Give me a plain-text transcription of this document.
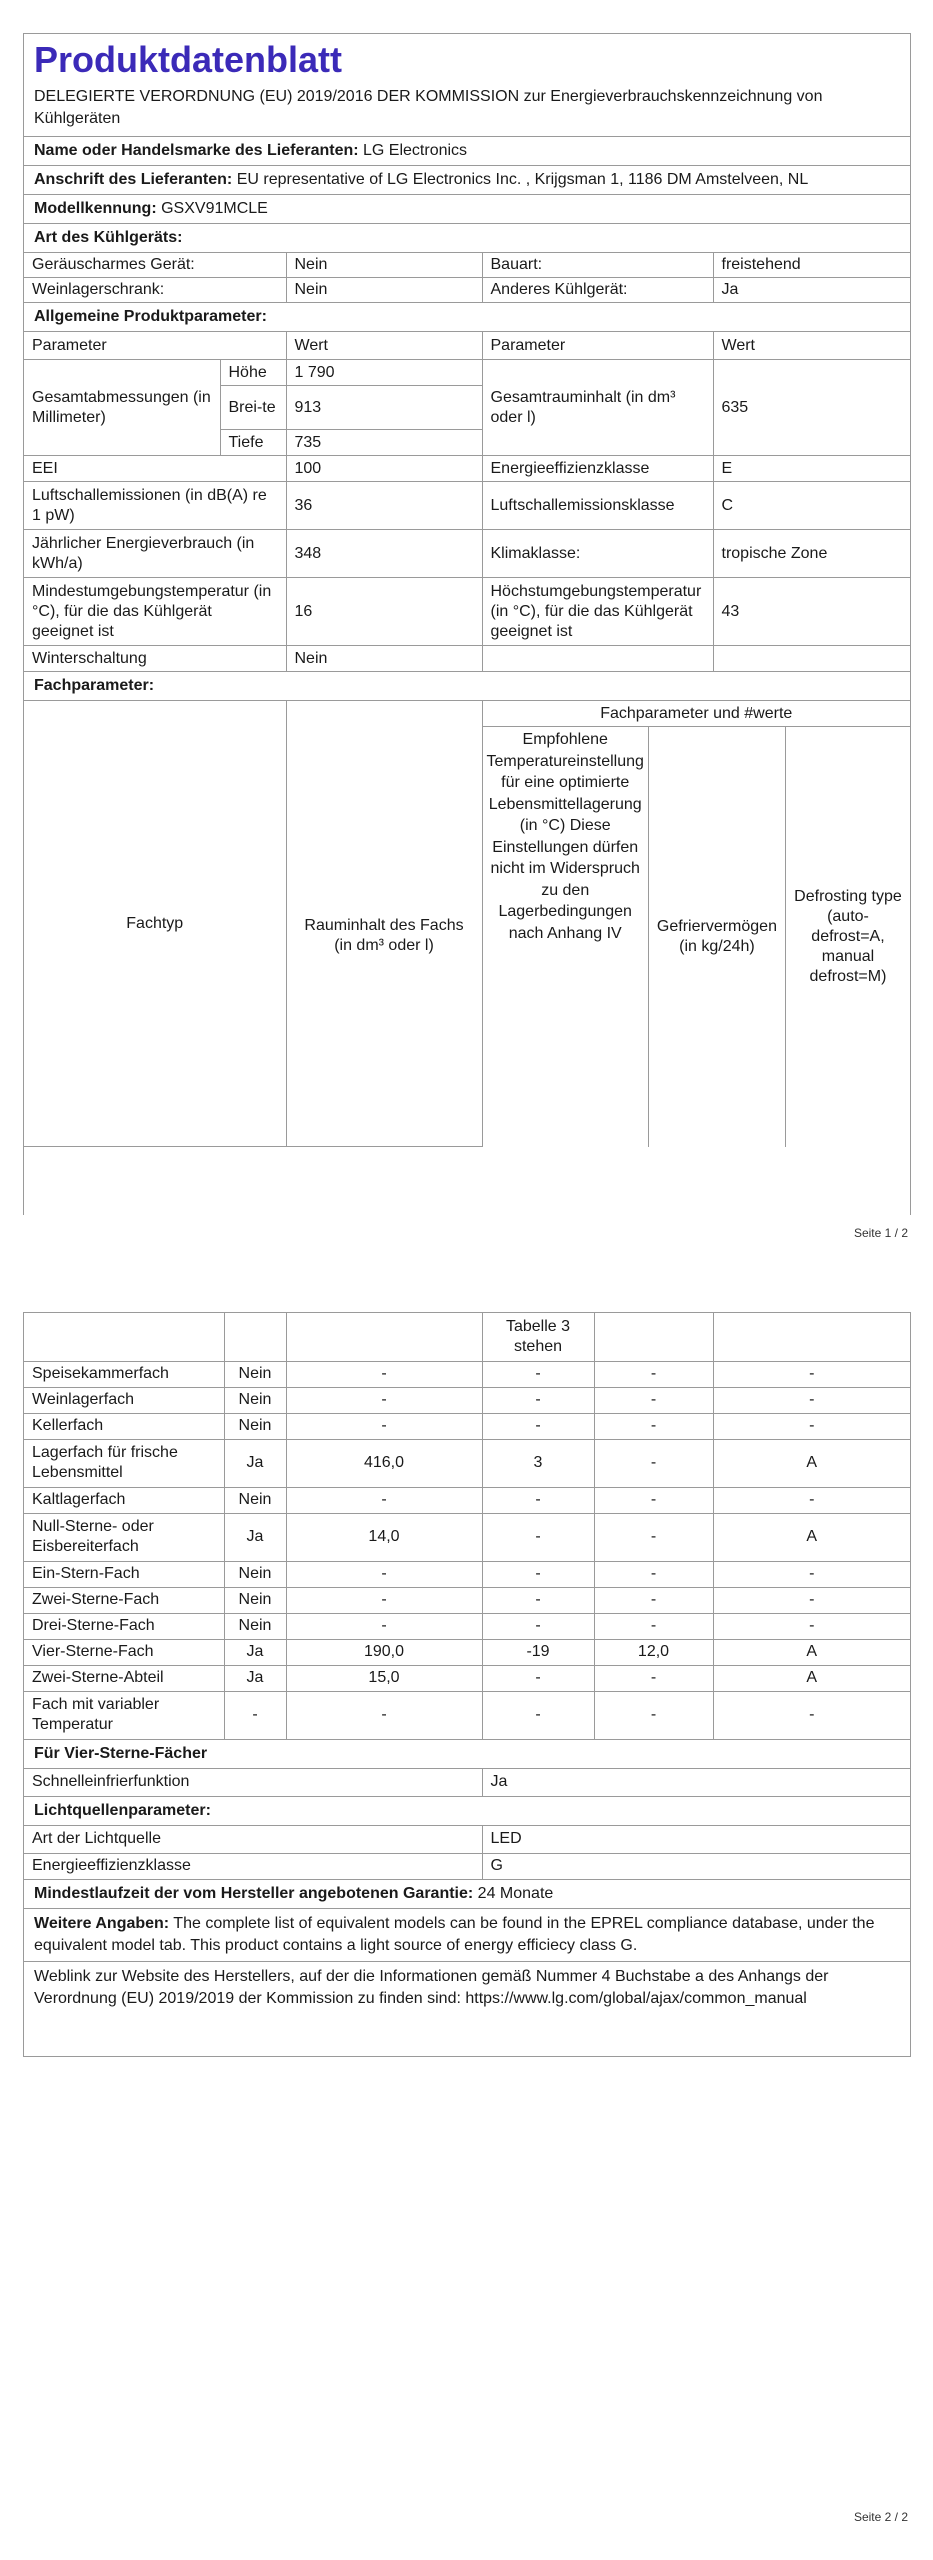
Produktdatenblatt
DELEGIERTE VERORDNUNG (EU) 2019/2016 DER KOMMISSION zur Energieverbrauchskennzeichnung von Kühlgeräten
Name oder Handelsmarke des Lieferanten: LG Electronics
Anschrift des Lieferanten: EU representative of LG Electronics Inc. , Krijgsman 1, 1186 DM Amstelveen, NL
Modellkennung: GSXV91MCLE
Art des Kühlgeräts:
Geräuscharmes Gerät:	Nein	Bauart:	freistehend
Weinlagerschrank:	Nein	Anderes Kühlgerät:	Ja
Allgemeine Produktparameter:
Parameter		Wert	Parameter	Wert
Gesamtabmessungen (in Millimeter)	Höhe	1 790	Gesamtrauminhalt (in dm³ oder l)	635
	Brei-te	913		
	Tiefe	735		
EEI		100	Energieeffizienzklasse	E
Luftschallemissionen (in dB(A) re 1 pW)		36	Luftschallemissionsklasse	C
Jährlicher Energieverbrauch (in kWh/a)		348	Klimaklasse:	tropische Zone
Mindestumgebungstemperatur (in °C), für die das Kühlgerät geeignet ist		16	Höchstumgebungstemperatur (in °C), für die das Kühlgerät geeignet ist	43
Winterschaltung		Nein		
Fachparameter:
Fachtyp		Fachparameter und #werte		
	Rauminhalt des Fachs (in dm³ oder l)	Empfohlene Temperatureinstellung für eine optimierte Lebensmittellagerung (in °C) Diese Einstellungen dürfen nicht im Widerspruch zu den Lagerbedingungen nach Anhang IV	Gefriervermögen (in kg/24h)	Defrosting type (auto-defrost=A, manual defrost=M)
Seite 1 / 2
			Tabelle 3 stehen		
Speisekammerfach	Nein	-	-	-	-
Weinlagerfach	Nein	-	-	-	-
Kellerfach	Nein	-	-	-	-
Lagerfach für frische Lebensmittel	Ja	416,0	3	-	A
Kaltlagerfach	Nein	-	-	-	-
Null-Sterne- oder Eisbereiterfach	Ja	14,0	-	-	A
Ein-Stern-Fach	Nein	-	-	-	-
Zwei-Sterne-Fach	Nein	-	-	-	-
Drei-Sterne-Fach	Nein	-	-	-	-
Vier-Sterne-Fach	Ja	190,0	-19	12,0	A
Zwei-Sterne-Abteil	Ja	15,0	-	-	A
Fach mit variabler Temperatur	-	-	-	-	-
Für Vier-Sterne-Fächer
Schnelleinfrierfunktion	Ja
Lichtquellenparameter:
Art der Lichtquelle	LED
Energieeffizienzklasse	G
Mindestlaufzeit der vom Hersteller angebotenen Garantie: 24 Monate
Weitere Angaben: The complete list of equivalent models can be found in the EPREL compliance database, under the equivalent model tab. This product contains a light source of energy efficiecy class G.
Weblink zur Website des Herstellers, auf der die Informationen gemäß Nummer 4 Buchstabe a des Anhangs der Verordnung (EU) 2019/2019 der Kommission zu finden sind: https://www.lg.com/global/ajax/common_manual
Seite 2 / 2
